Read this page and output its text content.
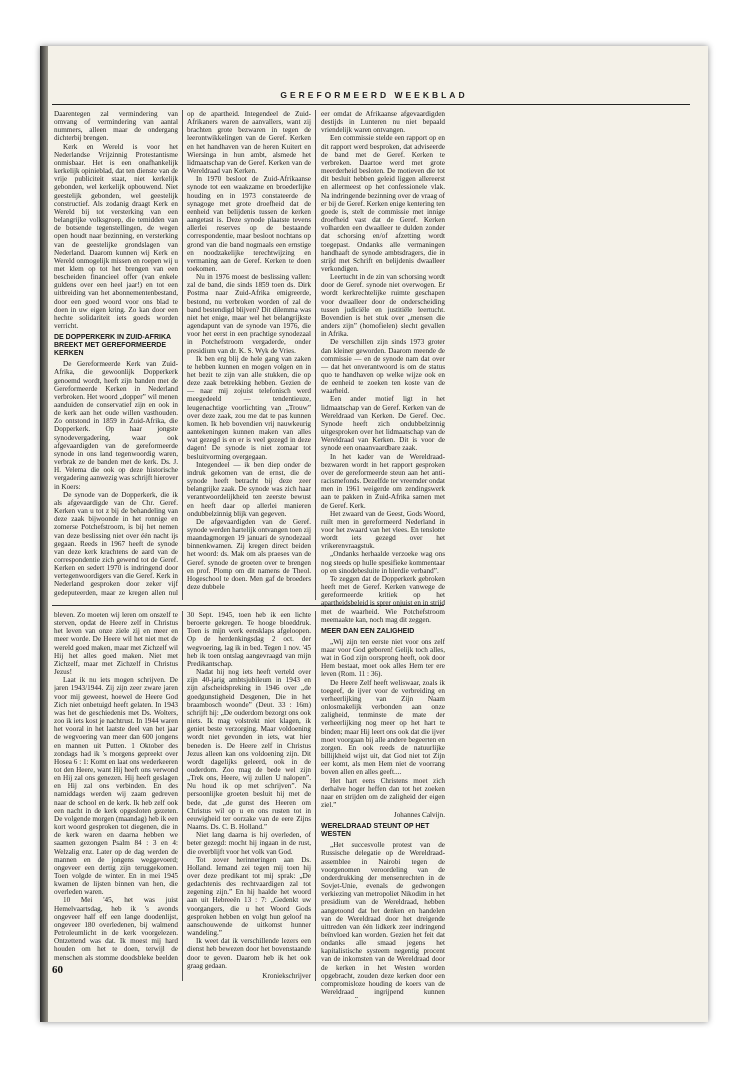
GEREFORMEERD WEEKBLAD

Daarentegen zal vermindering van omvang of vermindering van aantal nummers, alleen maar de ondergang dichterbij brengen.

Kerk en Wereld is voor het Nederlandse Vrijzinnig Protestantisme onmisbaar. Het is een onafhankelijk kerkelijk opinieblad, dat ten dienste van de vrije publiciteit staat, niet kerkelijk gebonden, wel kerkelijk opbouwend. Niet geestelijk gebonden, wel geestelijk constructief. Als zodanig draagt Kerk en Wereld bij tot versterking van een belangrijke volksgroep, die temidden van de botsende tegenstellingen, de wegen open houdt naar bezinning, en versterking van de geestelijke grondslagen van Nederland. Daarom kunnen wij Kerk en Wereld onmogelijk missen en roepen wij u met klem op tot het brengen van een bescheiden financieel offer (van enkele guldens over een heel jaar!) en tot een uitbreiding van het abonnementenbestand, door een goed woord voor ons blad te doen in uw eigen kring. Zo kan door een hechte solidariteit iets goeds worden verricht.

DE DOPPERKERK IN ZUID-AFRIKA BREEKT MET GEREFORMEERDE KERKEN

De Gereformeerde Kerk van Zuid-Afrika, die gewoonlijk Dopperkerk genoemd wordt, heeft zijn banden met de Gereformeerde Kerken in Nederland verbroken. Het woord „dopper” wil menen aanduiden de conservatief zijn en ook in de kerk aan het oude willen vasthouden. Zo ontstond in 1859 in Zuid-Afrika, die Dopperkerk. Op haar jongste synodevergadering, waar ook afgevaardigden van de gereformeerde synode in ons land tegenwoordig waren, verbrak ze de banden met de kerk. Ds. J. H. Velema die ook op deze historische vergadering aanwezig was schrijft hierover in Koers:

De synode van de Dopperkerk, die ik als afgevaardigde van de Chr. Geref. Kerken van u tot z bij de behandeling van deze zaak bijwoonde in het ronnige en zomerse Potchefstroom, is bij het nemen van deze beslissing niet over één nacht ijs gegaan. Reeds in 1967 heeft de synode van deze kerk krachtens de aard van de correspondentie zich gewend tot de Geref. Kerken en sedert 1970 is indringend door vertegenwoordigers van die Geref. Kerk in Nederland gesproken door zeker vijf gedeputeerden, maar ze kregen allen nul

op de apartheid. Integendeel de Zuid-Afrikaners waren de aanvallers, want zij brachten grote bezwaren in tegen de leerontwikkelingen van de Geref. Kerken en het handhaven van de heren Kuitert en Wiersinga in hun ambt, alsmede het lidmaatschap van de Geref. Kerken van de Wereldraad van Kerken.

In 1970 besloot de Zuid-Afrikaanse synode tot een waakzame en broederlijke houding en in 1973 constateerde de synagoge met grote droefheid dat de eenheid van belijdenis tussen de kerken aangetast is. Deze synode plaatste tevens allerlei reserves op de bestaande correspondentie, maar besloot nochtans op grond van die band nogmaals een ernstige en noodzakelijke terechtwijzing en vermaning aan de Geref. Kerken te doen toekomen.

Nu in 1976 moest de beslissing vallen: zal de band, die sinds 1859 toen ds. Dirk Postma naar Zuid-Afrika emigreerde, bestond, nu verbroken worden of zal de band bestendigd blijven? Dit dilemma was niet het enige, maar wel het belangrijkste agendapunt van de synode van 1976, die voor het eerst in een prachtige synodezaal in Potchefstroom vergaderde, onder presidium van dr. K. S. Wyk de Vries.

Ik ben erg blij de hele gang van zaken te hebben kunnen en mogen volgen en in het bezit te zijn van alle stukken, die op deze zaak betrekking hebben. Gezien de — naar mij zojuist telefonisch werd meegedeeld — tendentieuze, leugenachtige voorlichting van „Trouw” over deze zaak, zou me dat te pas kunnen komen. Ik heb bovendien vrij nauwkeurig aantekeningen kunnen maken van alles wat gezegd is en er is veel gezegd in deze dagen! De synode is niet zomaar tot besluitvorming overgegaan.

Integendeel — ik ben diep onder de indruk gekomen van de ernst, die de synode heeft betracht bij deze zeer belangrijke zaak. De synode was zich haar verantwoordelijkheid ten zeerste bewust en heeft daar op allerlei manieren ondubbelzinnig blijk van gegeven.

De afgevaardigden van de Geref. synode werden hartelijk ontvangen toen zij maandagmorgen 19 januari de synodezaal binnenkwamen. Zij kregen direct beiden het woord: ds. Mak om als praeses van de Geref. synode de groeten over te brengen en prof. Plomp om dit namens de Theol. Hogeschool te doen. Men gaf de broeders deze dubbele

eer omdat de Afrikaanse afgevaardigden destijds in Lunteren nu niet bepaald vriendelijk waren ontvangen.

Een commissie stelde een rapport op en dit rapport werd besproken, dat adviseerde de band met de Geref. Kerken te verbreken. Daartoe werd met grote meerderheid besloten. De motieven die tot dit besluit hebben geleid liggen allereerst en allermeest op het confessionele vlak. Na indringende bezinning over de vraag of er bij de Geref. Kerken enige kentering ten goede is, stelt de commissie met innige droefheid vast dat de Geref. Kerken volharden een dwaalleer te dulden zonder dat schorsing en/of afzetting wordt toegepast. Ondanks alle vermaningen handhaaft de synode ambtsdragers, die in strijd met Schrift en belijdenis dwaalleer verkondigen.

Leertucht in de zin van schorsing wordt door de Geref. synode niet overwogen. Er wordt kerkrechtelijke ruimte geschapen voor dwaalleer door de onderscheiding tussen judiciële en justitiële leertucht. Bovendien is het stuk over „mensen die anders zijn” (homofielen) slecht gevallen in Afrika.

De verschillen zijn sinds 1973 groter dan kleiner geworden. Daarom meende de commissie — en de synode nam dat over — dat het onverantwoord is om de status quo te handhaven op welke wijze ook en de eenheid te zoeken ten koste van de waarheid.

Een ander motief ligt in het lidmaatschap van de Geref. Kerken van de Wereldraad van Kerken. De Geref. Oec. Synode heeft zich ondubbelzinnig uitgesproken over het lidmaatschap van de Wereldraad van Kerken. Dit is voor de synode een onaanvaardbare zaak.

In het kader van de Wereldraad-bezwaren wordt in het rapport gesproken over de gereformeerde steun aan het anti-racismefonds. Dezelfde ter vreemder ondat men in 1961 weigerde om zendingswerk aan te pakken in Zuid-Afrika samen met de Geref. Kerk.

Het zwaard van de Geest, Gods Woord, ruilt men in gereformeerd Nederland in voor het zwaard van het vlees. En tenslotte wordt iets gezegd over het vrikerenvraagstuk.

„Ondanks herhaalde verzoeke wag ons nog steeds op hulle spesifieke kommentaar op en sinodebesluite in hierdie verband”.

Te zeggen dat de Dopperkerk gebroken heeft met de Geref. Kerken vanwege de gereformeerde kritiek op het apartheidsbeleid is sprer onjuist en in strijd met de waarheid. Wie Potchefstroom meemaakte kan, noch mag dit zeggen.

MEER DAN EEN ZALIGHEID

„Wij zijn ten eerste niet voor ons zelf maar voor God geboren! Gelijk toch alles, wat in God zijn oorsprong heeft, ook door Hem bestaat, moet ook alles Hem ter ere leven (Rom. 11 : 36).

De Heere Zelf heeft weliswaar, zoals ik toegeef, de ijver voor de verbreiding en verheerlijking van Zijn Naam onlosmakelijk verbonden aan onze zaligheid, tenminste de mate der verheerlijking nog meer op het hart te binden; maar Hij leert ons ook dat die ijver moet voorgaan bij alle andere begeerten en zorgen. En ook reeds de natuurlijke billijkheid wijst uit, dat God niet tot Zijn eer komt, als men Hem niet de voorrang boven allen en alles geeft....

Het hart eens Christens moet zich derhalve hoger heffen dan tot het zoeken naar en strijden om de zaligheid der eigen ziel.”

Johannes Calvijn.

WERELDRAAD STEUNT OP HET WESTEN

„Het succesvolle protest van de Russische delegatie op de Wereldraad-assemblee in Nairobi tegen de voorgenomen veroordeling van de onderdrukking der mensenrechten in de Sovjet-Unie, evenals de gedwongen verkiezing van metropoliet Nikodim in het presidium van de Wereldraad, hebben aangetoond dat het denken en handelen van de Wereldraad door het dreigende uittreden van één lidkerk zeer indringend beïnvloed kan worden. Gezien het feit dat ondanks alle smaad jegens het kapitalistische systeem negentig procent van de inkomsten van de Wereldraad door de kerken in het Westen worden opgebracht, zouden deze kerken door een compromisloze houding de koers van de Wereldraad ingrijpend kunnen

bleven. Zo moeten wij leren om onszelf te sterven, opdat de Heere zelf in Christus het leven van onze ziele zij en meer en meer worde. De Heere wil het niet met de wereld goed maken, maar met Zichzelf wil Hij het alles goed maken. Niet met Zichzelf, maar met Zichzelf in Christus Jezus!

Laat ik nu iets mogen schrijven. De jaren 1943/1944. Zij zijn zeer zware jaren voor mij geweest, hoewel de Heere God Zich niet onbetuigd heeft gelaten. In 1943 was het de geschiedenis met Ds. Wolters, zoo ik iets kost je nachtrust. In 1944 waren het vooral in het laatste deel van het jaar de wegvoering van meer dan 600 jongens en mannen uit Putten. 1 Oktober des zondags had ik 's morgens gepreekt over Hosea 6 : 1: Komt en laat ons wederkeeren tot den Heere, want Hij heeft ons verwond en Hij zal ons genezen. Hij heeft geslagen en Hij zal ons verbinden. En des namiddags werden wij zaam gedreven naar de school en de kerk. Ik heb zelf ook een nacht in de kerk opgesloten gezeten. De volgende morgen (maandag) heb ik een kort woord gesproken tot diegenen, die in de kerk waren en daarna hebben we saamen gezongen Psalm 84 : 3 en 4: Welzalig enz. Later op de dag werden de mannen en de jongens weggevoerd; ongeveer een dertig zijn teruggekomen. Toen volgde de winter. En in mei 1945 kwamen de lijsten binnen van hen, die overleden waren.

10 Mei '45, het was juist Hemelvaartsdag, heb ik 's avonds ongeveer half elf een lange doodenlijst, ongeveer 180 overledenen, bij walmend Petroleumlicht in de kerk voorgelezen. Ontzettend was dat. Ik moest mij hard houden om het te doen, terwijl de menschen als stomme doodsbleke beelden

30 Sept. 1945, toen heb ik een lichte beroerte gekregen. Te hooge bloeddruk. Toen is mijn werk eensklaps afgeloopen. Op de herdenkingsdag 2 oct. der wegvoering, lag ik in bed. Tegen 1 nov. '45 heb ik toen ontslag aangevraagd van mijn Predikantschap.

Nadat hij nog iets heeft verteld over zijn 40-jarig ambtsjubileum in 1943 en zijn afscheidspreking in 1946 over „de goedgunstigheid Desgenen, Die in het braambosch woonde” (Deut. 33 : 16m) schrijft hij: „De ouderdom bezorgt ons ook niets. Ik mag volstrekt niet klagen, ik geniet beste verzorging. Maar voldoening wordt niet gevonden in iets, wat hier beneden is. De Heere zelf in Christus Jezus alleen kan ons voldoening zijn. Dit wordt dagelijks geleerd, ook in de ouderdom. Zoo mag de bede wel zijn „Trek ons, Heere, wij zullen U nalopen”. Nu houd ik op met schrijven”. Na persoonlijke groeten besluit hij met de bede, dat „de gunst des Heeren om Christus wil op u en ons rusten tot in eeuwigheid ter oorzake van de eere Zijns Naams. Ds. C. B. Holland.”

Niet lang daarna is hij overleden, of beter gezegd: mocht hij ingaan in de rust, die overblijft voor het volk van God.

Tot zover herinneringen aan Ds. Holland. Iemand zei tegen mij toen hij over deze predikant tot mij sprak: „De gedachtenis des rechtvaardigen zal tot zegening zijn.” En hij haalde het woord aan uit Hebreeën 13 : 7: „Gedenkt uw voorgangers, die u het Woord Gods gesproken hebben en volgt hun geloof na aanschouwende de uitkomst hunner wandeling.”

Ik weet dat ik verschillende lezers een dienst heb bewezen door het bovenstaande door te geven. Daarom heb ik het ook graag gedaan.

Kroniekschrijver

60
